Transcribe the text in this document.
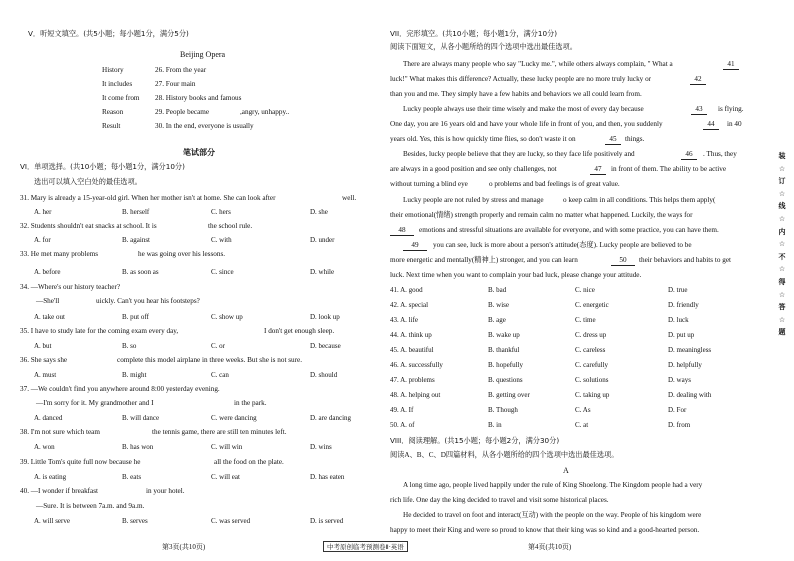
V．听短文填空。(共5小题；每小题1分，满分5分)
Beijing Opera
History	26. From the year
It includes	27. Four main
It come from 28. History books and famous
Reason	29. People became	,angry, unhappy..
Result	30. In the end, everyone is usually
笔试部分
VI．单项选择。(共10小题；每小题1分，满分10分)
选出可以填入空白处的最佳选项。
31. Mary is already a 15-year-old girl. When her mother isn't at home. She can look after	well.
A. her	B. herself	C. hers	D. she
32. Students shouldn't eat snacks at school. It is	the school rule.
A. for	B. against	C. with	D. under
33. He met many problems	he was going over his lessons.
A. before	B. as soon as	C. since	D. while
34. —Where's our history teacher?
—She'll	uickly. Can't you hear his footsteps?
A. take out	B. put off	C. show up	D. look up
35. I have to study late for the coming exam every day,	I don't get enough sleep.
A. but	B. so	C. or	D. because
36. She says she	complete this model airplane in three weeks. But she is not sure.
A. must	B. might	C. can	D. should
37. —We couldn't find you anywhere around 8:00 yesterday evening.
—I'm sorry for it. My grandmother and I	in the park.
A. danced	B. will dance	C. were dancing	D. are dancing
38. I'm not sure which team	the tennis game, there are still ten minutes left.
A. won	B. has won	C. will win	D. wins
39. Little Tom's quite full now because he	all the food on the plate.
A. is eating	B. eats	C. will eat	D. has eaten
40. —I wonder if breakfast	in your hotel.
—Sure. It is between 7a.m. and 9a.m.
A. will serve	B. serves	C. was served	D. is served
第3页(共10页)	中考原创临考预测卷Ⅱ·英语	第4页(共10页)
VII．完形填空。(共10小题；每小题1分，满分10分)
阅读下面短文，从各小题所给的四个选项中选出最佳选项。
There are always many people who say "Lucky me.", while others always complain, " What a	41
luck!" What makes this difference? Actually, these lucky people are no more truly lucky or	42
than you and me. They simply have a few habits and behaviors we all could learn from.
Lucky people always use their time wisely and make the most of every day because	43	is flying.
One day, you are 16 years old and have your whole life in front of you, and then, you suddenly	44	in 40
years old. Yes, this is how quickly time flies, so don't waste it on	45	things.
Besides, lucky people believe that they are lucky, so they face life positively and	46	. Thus, they
are always in a good position and see only challenges, not	47	in front of them. The ability to be active
without turning a blind eye	o problems and bad feelings is of great value.
Lucky people are not ruled by stress and manage	o keep calm in all conditions. This helps them apply(
their emotional(情绪) strength properly and remain calm no matter what happened. Luckily, the ways for
48	emotions and stressful situations are available for everyone, and with some practice, you can have them.
49	you can see, luck is more about a person's attitude(态度). Lucky people are believed to be
more energetic and mentally(精神上) stronger, and you can learn	50	their behaviors and habits to get
luck. Next time when you want to complain your bad luck, please change your attitude.
41. A. good	B. bad	C. nice	D. true
42. A. special	B. wise	C. energetic	D. friendly
43. A. life	B. age	C. time	D. luck
44. A. think up	B. wake up	C. dress up	D. put up
45. A. beautiful	B. thankful	C. careless	D. meaningless
46. A. successfully	B. hopefully	C. carefully	D. helpfully
47. A. problems	B. questions	C. solutions	D. ways
48. A. helping out	B. getting over	C. taking up	D. dealing with
49. A. If	B. Though	C. As	D. For
50. A. of	B. in	C. at	D. from
VIII．阅读理解。(共15小题；每小题2分，满分30分)
阅读A、B、C、D四篇材料，从各小题所给的四个选项中选出最佳选项。
A
A long time ago, people lived happily under the rule of King Shoelong. The Kingdom people had a very
rich life. One day the king decided to travel and visit some historical places.
He decided to travel on foot and interact(互动) with the people on the way. People of his kingdom were
happy to meet their King and were so proud to know that their king was so kind and a good-hearted person.
装
☆
订
☆
线
☆
内
☆
不
☆
得
☆
答
☆
题
